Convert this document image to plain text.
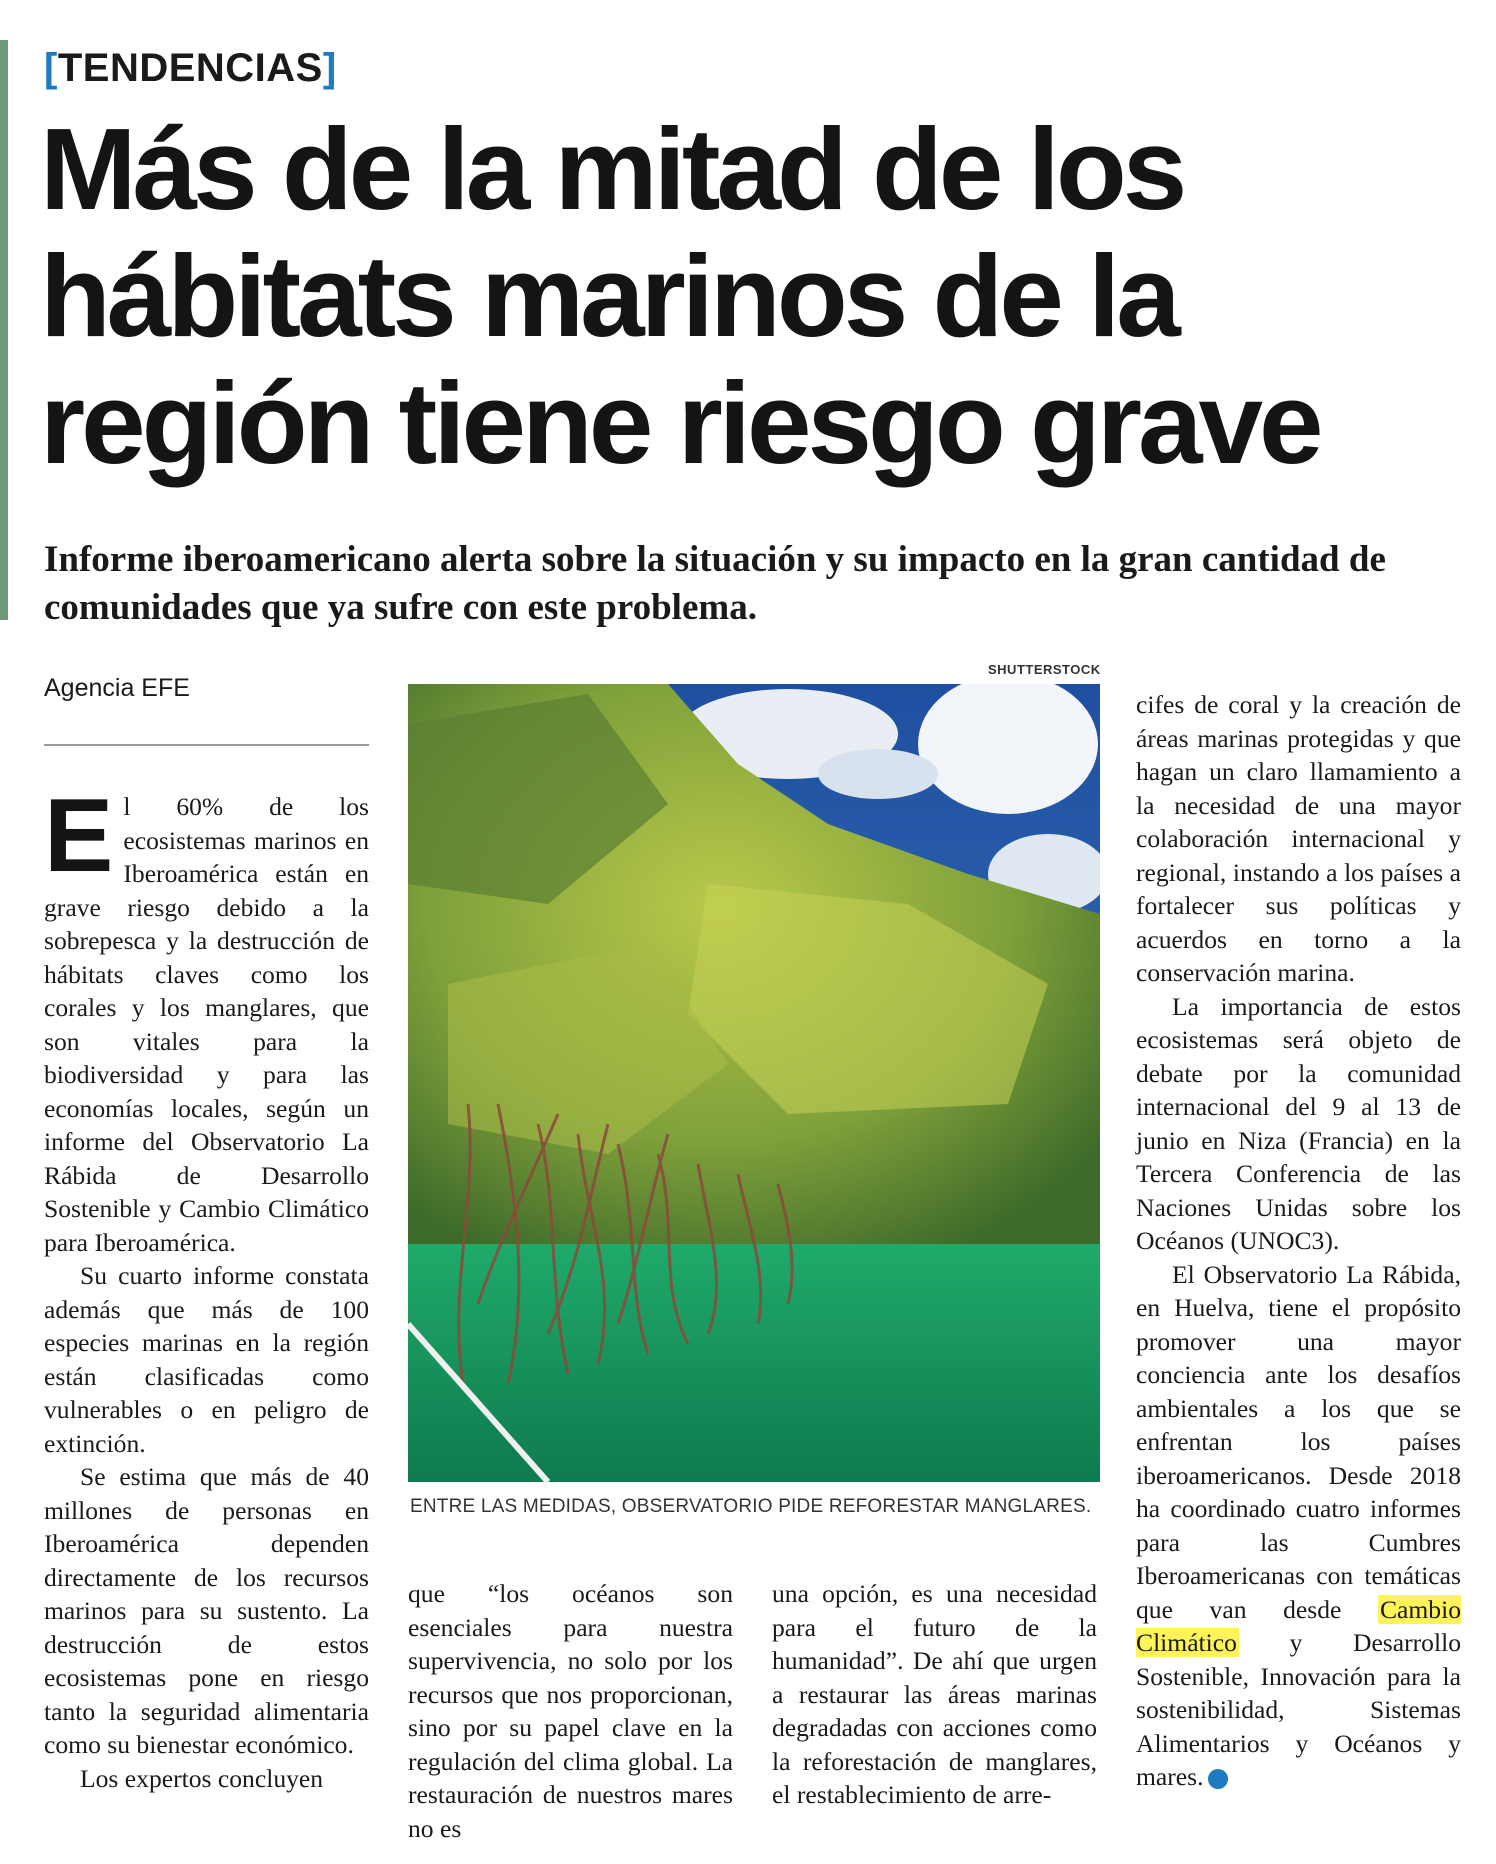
[TENDENCIAS]
Más de la mitad de los hábitats marinos de la región tiene riesgo grave

Informe iberoamericano alerta sobre la situación y su impacto en la gran cantidad de comunidades que ya sufre con este problema.

Agencia EFE
E l 60% de los ecosistemas marinos en Iberoamérica están en grave riesgo debido a la sobrepesca y la destrucción de hábitats claves como los corales y los manglares, que son vitales para la biodiversidad y para las economías locales, según un informe del Observatorio La Rábida de Desarrollo Sostenible y Cambio Climático para Iberoamérica.

Su cuarto informe constata además que más de 100 especies marinas en la región están clasificadas como vulnerables o en peligro de extinción.

Se estima que más de 40 millones de personas en Iberoamérica dependen directamente de los recursos marinos para su sustento. La destrucción de estos ecosistemas pone en riesgo tanto la seguridad alimentaria como su bienestar económico.

Los expertos concluyen

SHUTTERSTOCK
ENTRE LAS MEDIDAS, OBSERVATORIO PIDE REFORESTAR MANGLARES.

que “los océanos son esenciales para nuestra supervivencia, no solo por los recursos que nos proporcionan, sino por su papel clave en la regulación del clima global. La restauración de nuestros mares no es

una opción, es una necesidad para el futuro de la humanidad”. De ahí que urgen a restaurar las áreas marinas degradadas con acciones como la reforestación de manglares, el restablecimiento de arre-

cifes de coral y la creación de áreas marinas protegidas y que hagan un claro llamamiento a la necesidad de una mayor colaboración internacional y regional, instando a los países a fortalecer sus políticas y acuerdos en torno a la conservación marina.

La importancia de estos ecosistemas será objeto de debate por la comunidad internacional del 9 al 13 de junio en Niza (Francia) en la Tercera Conferencia de las Naciones Unidas sobre los Océanos (UNOC3).

El Observatorio La Rábida, en Huelva, tiene el propósito promover una mayor conciencia ante los desafíos ambientales a los que se enfrentan los países iberoamericanos. Desde 2018 ha coordinado cuatro informes para las Cumbres Iberoamericanas con temáticas que van desde Cambio Climático y Desarrollo Sostenible, Innovación para la sostenibilidad, Sistemas Alimentarios y Océanos y mares.	✪
